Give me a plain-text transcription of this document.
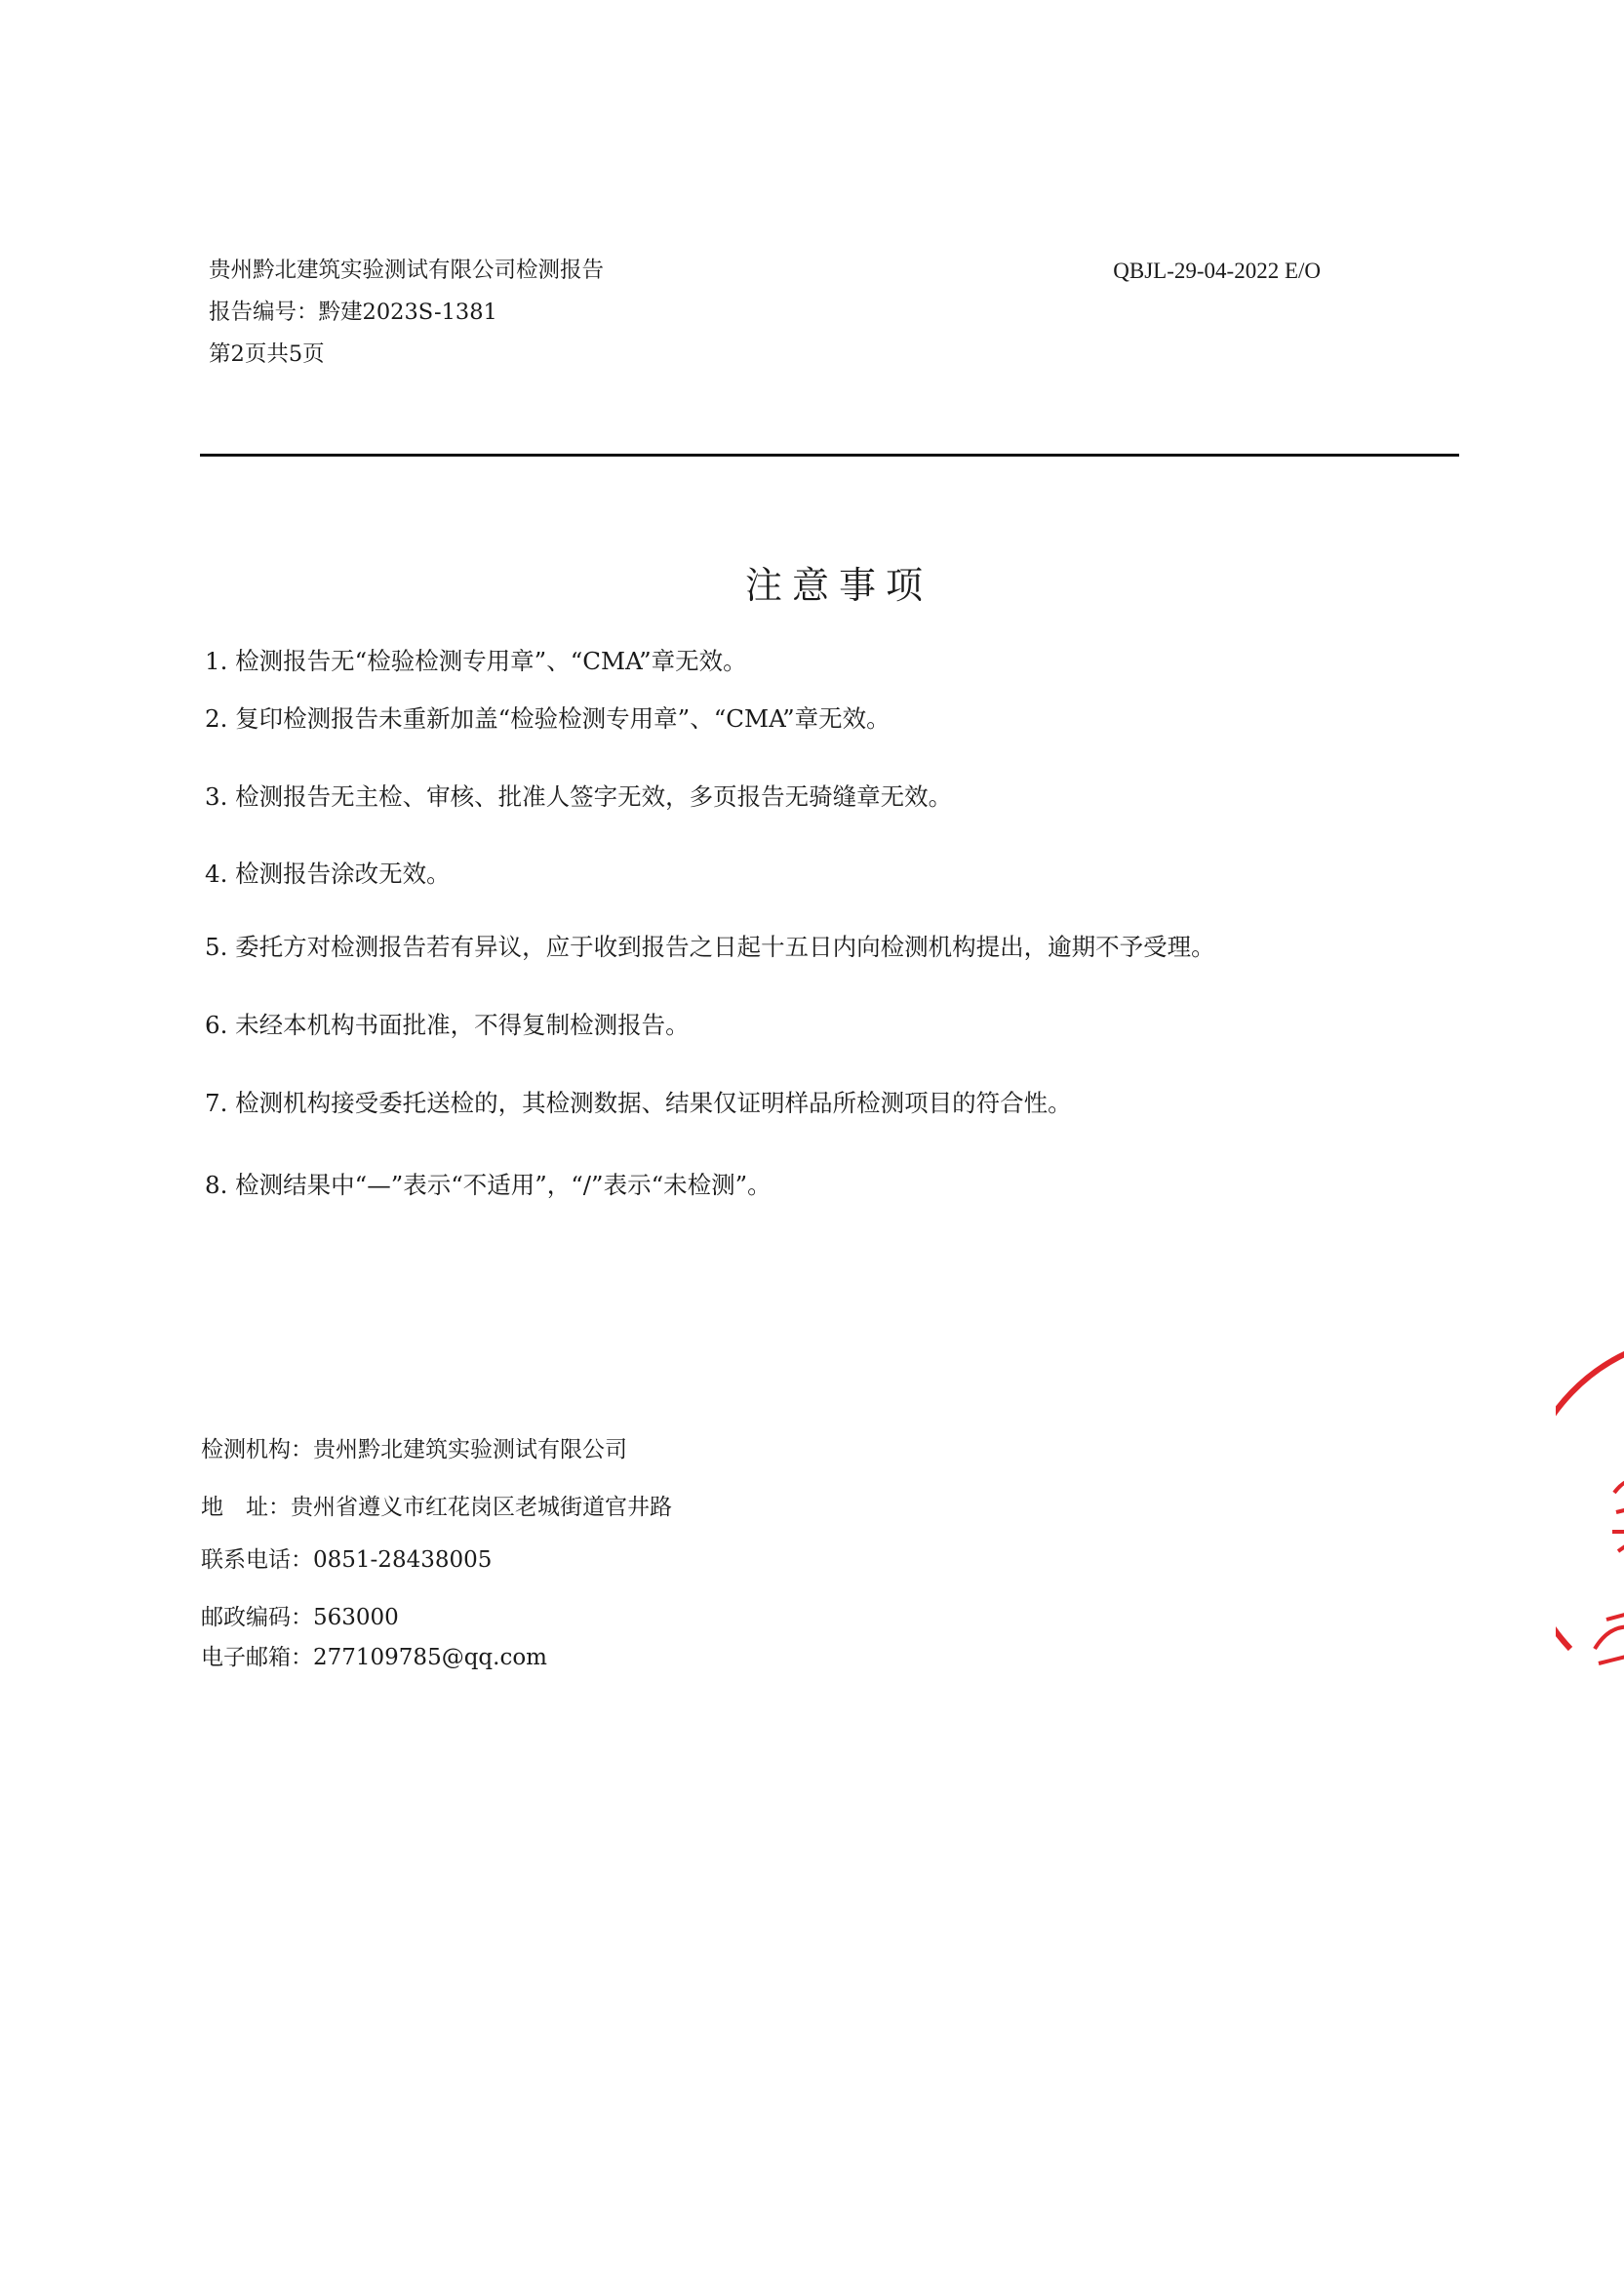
贵州黔北建筑实验测试有限公司检测报告
报告编号：黔建2023S-1381
第2页共5页
QBJL-29-04-2022 E/O
注意事项
1. 检测报告无“检验检测专用章”、“CMA”章无效。
2. 复印检测报告未重新加盖“检验检测专用章”、“CMA”章无效。
3. 检测报告无主检、审核、批准人签字无效，多页报告无骑缝章无效。
4. 检测报告涂改无效。
5. 委托方对检测报告若有异议，应于收到报告之日起十五日内向检测机构提出，逾期不予受理。
6. 未经本机构书面批准，不得复制检测报告。
7. 检测机构接受委托送检的，其检测数据、结果仅证明样品所检测项目的符合性。
8. 检测结果中“—”表示“不适用”，“/”表示“未检测”。
检测机构：贵州黔北建筑实验测试有限公司
地　址：贵州省遵义市红花岗区老城街道官井路
联系电话：0851-28438005
邮政编码：563000
电子邮箱：277109785@qq.com
